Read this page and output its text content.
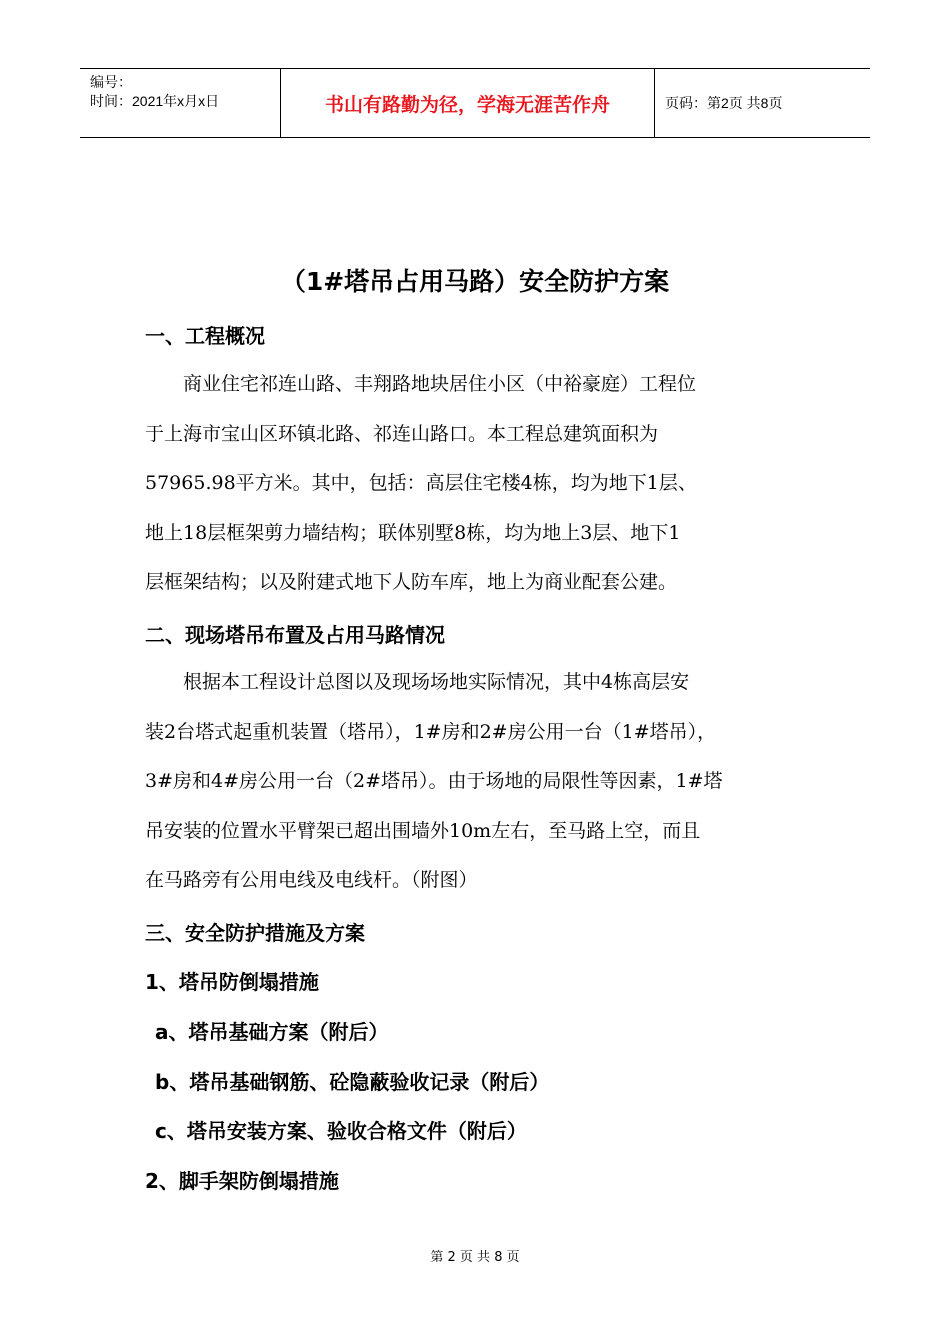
编号：
时间：2021年x月x日	书山有路勤为径，学海无涯苦作舟	页码：第2页 共8页
（1#塔吊占用马路）安全防护方案
一、工程概况
　　商业住宅祁连山路、丰翔路地块居住小区（中裕豪庭）工程位
于上海市宝山区环镇北路、祁连山路口。本工程总建筑面积为
57965.98平方米。其中，包括：高层住宅楼4栋，均为地下1层、
地上18层框架剪力墙结构；联体别墅8栋，均为地上3层、地下1
层框架结构；以及附建式地下人防车库，地上为商业配套公建。
二、现场塔吊布置及占用马路情况
　　根据本工程设计总图以及现场场地实际情况，其中4栋高层安
装2台塔式起重机装置（塔吊），1#房和2#房公用一台（1#塔吊），
3#房和4#房公用一台（2#塔吊）。由于场地的局限性等因素，1#塔
吊安装的位置水平臂架已超出围墙外10m左右，至马路上空，而且
在马路旁有公用电线及电线杆。（附图）
三、安全防护措施及方案
1、塔吊防倒塌措施
a、塔吊基础方案（附后）
b、塔吊基础钢筋、砼隐蔽验收记录（附后）
c、塔吊安装方案、验收合格文件（附后）
2、脚手架防倒塌措施
第 2 页 共 8 页
